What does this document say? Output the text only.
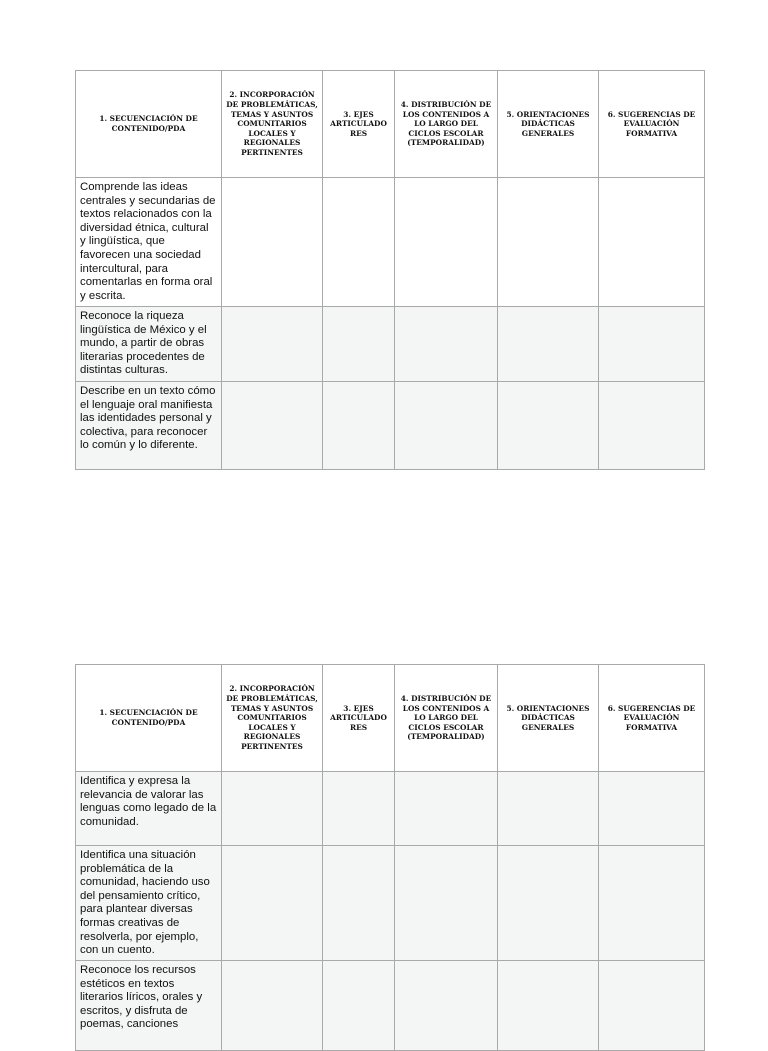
1. SECUENCIACIÓN DE CONTENIDO/PDA	2. INCORPORACIÓN DE PROBLEMÁTICAS, TEMAS Y ASUNTOS COMUNITARIOS LOCALES Y REGIONALES PERTINENTES	3. EJES ARTICULADO RES	4. DISTRIBUCIÓN DE LOS CONTENIDOS A LO LARGO DEL CICLOS ESCOLAR (TEMPORALIDAD)	5. ORIENTACIONES DIDÁCTICAS GENERALES	6. SUGERENCIAS DE EVALUACIÓN FORMATIVA
Comprende las ideas centrales y secundarias de textos relacionados con la diversidad étnica, cultural y lingüística, que favorecen una sociedad intercultural, para comentarlas en forma oral y escrita.					
Reconoce la riqueza lingüística de México y el mundo, a partir de obras literarias procedentes de distintas culturas.					
Describe en un texto cómo el lenguaje oral manifiesta las identidades personal y colectiva, para reconocer lo común y lo diferente.					
1. SECUENCIACIÓN DE CONTENIDO/PDA	2. INCORPORACIÓN DE PROBLEMÁTICAS, TEMAS Y ASUNTOS COMUNITARIOS LOCALES Y REGIONALES PERTINENTES	3. EJES ARTICULADO RES	4. DISTRIBUCIÓN DE LOS CONTENIDOS A LO LARGO DEL CICLOS ESCOLAR (TEMPORALIDAD)	5. ORIENTACIONES DIDÁCTICAS GENERALES	6. SUGERENCIAS DE EVALUACIÓN FORMATIVA
Identifica y expresa la relevancia de valorar las lenguas como legado de la comunidad.					
Identifica una situación problemática de la comunidad, haciendo uso del pensamiento crítico, para plantear diversas formas creativas de resolverla, por ejemplo, con un cuento.					
Reconoce los recursos estéticos en textos literarios líricos, orales y escritos, y disfruta de poemas, canciones					
